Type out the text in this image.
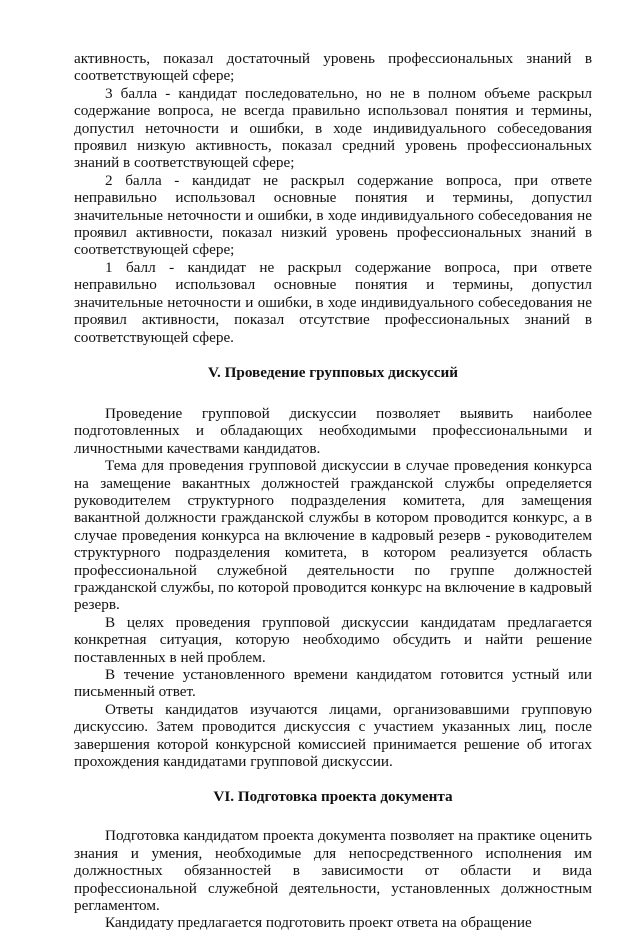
активность, показал достаточный уровень профессиональных знаний в соответствующей сфере;

3 балла - кандидат последовательно, но не в полном объеме раскрыл содержание вопроса, не всегда правильно использовал понятия и термины, допустил неточности и ошибки, в ходе индивидуального собеседования проявил низкую активность, показал средний уровень профессиональных знаний в соответствующей сфере;

2 балла - кандидат не раскрыл содержание вопроса, при ответе неправильно использовал основные понятия и термины, допустил значительные неточности и ошибки, в ходе индивидуального собеседования не проявил активности, показал низкий уровень профессиональных знаний в соответствующей сфере;

1 балл - кандидат не раскрыл содержание вопроса, при ответе неправильно использовал основные понятия и термины, допустил значительные неточности и ошибки, в ходе индивидуального собеседования не проявил активности, показал отсутствие профессиональных знаний в соответствующей сфере.

V. Проведение групповых дискуссий

Проведение групповой дискуссии позволяет выявить наиболее подготовленных и обладающих необходимыми профессиональными и личностными качествами кандидатов.

Тема для проведения групповой дискуссии в случае проведения конкурса на замещение вакантных должностей гражданской службы определяется руководителем структурного подразделения комитета, для замещения вакантной должности гражданской службы в котором проводится конкурс, а в случае проведения конкурса на включение в кадровый резерв - руководителем структурного подразделения комитета, в котором реализуется область профессиональной служебной деятельности по группе должностей гражданской службы, по которой проводится конкурс на включение в кадровый резерв.

В целях проведения групповой дискуссии кандидатам предлагается конкретная ситуация, которую необходимо обсудить и найти решение поставленных в ней проблем.

В течение установленного времени кандидатом готовится устный или письменный ответ.

Ответы кандидатов изучаются лицами, организовавшими групповую дискуссию. Затем проводится дискуссия с участием указанных лиц, после завершения которой конкурсной комиссией принимается решение об итогах прохождения кандидатами групповой дискуссии.

VI. Подготовка проекта документа

Подготовка кандидатом проекта документа позволяет на практике оценить знания и умения, необходимые для непосредственного исполнения им должностных обязанностей в зависимости от области и вида профессиональной служебной деятельности, установленных должностным регламентом.

Кандидату предлагается подготовить проект ответа на обращение
